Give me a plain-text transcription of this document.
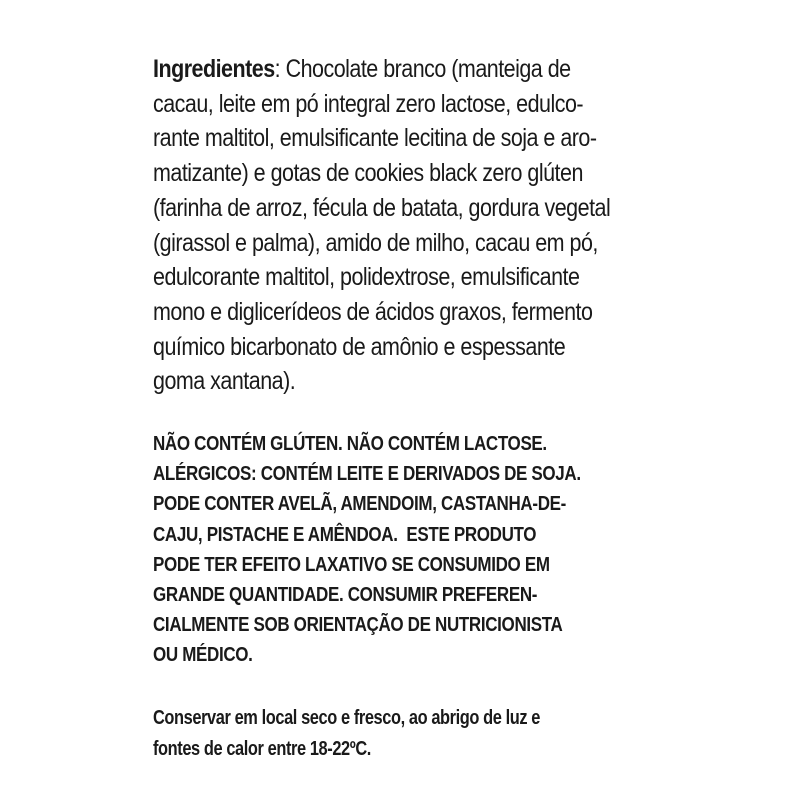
Ingredientes: Chocolate branco (manteiga de
cacau, leite em pó integral zero lactose, edulco-
rante maltitol, emulsificante lecitina de soja e aro-
matizante) e gotas de cookies black zero glúten
(farinha de arroz, fécula de batata, gordura vegetal
(girassol e palma), amido de milho, cacau em pó,
edulcorante maltitol, polidextrose, emulsificante
mono e diglicerídeos de ácidos graxos, fermento
químico bicarbonato de amônio e espessante
goma xantana).
NÃO CONTÉM GLÚTEN. NÃO CONTÉM LACTOSE.
ALÉRGICOS: CONTÉM LEITE E DERIVADOS DE SOJA.
PODE CONTER AVELÃ, AMENDOIM, CASTANHA-DE-
CAJU, PISTACHE E AMÊNDOA.  ESTE PRODUTO
PODE TER EFEITO LAXATIVO SE CONSUMIDO EM
GRANDE QUANTIDADE. CONSUMIR PREFEREN-
CIALMENTE SOB ORIENTAÇÃO DE NUTRICIONISTA
OU MÉDICO.
Conservar em local seco e fresco, ao abrigo de luz e
fontes de calor entre 18-22ºC.
